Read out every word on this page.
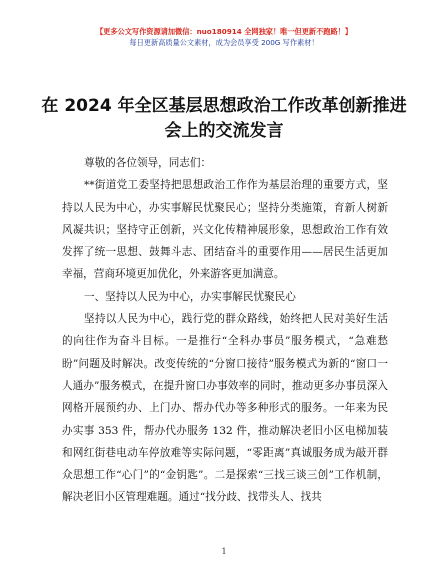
【更多公文写作资源请加微信：nuo180914 全网独家！唯一但更新不跑路！】
每日更新高质量公文素材，成为会员享受 200G 写作素材！
在 2024 年全区基层思想政治工作改革创新推进会上的交流发言

尊敬的各位领导，同志们：

**街道党工委坚持把思想政治工作作为基层治理的重要方式，坚持以人民为中心，办实事解民忧聚民心；坚持分类施策，育新人树新风凝共识；坚持守正创新，兴文化传精神展形象，思想政治工作有效发挥了统一思想、鼓舞斗志、团结奋斗的重要作用——居民生活更加幸福，营商环境更加优化，外来游客更加满意。

一、坚持以人民为中心，办实事解民忧聚民心

坚持以人民为中心，践行党的群众路线，始终把人民对美好生活的向往作为奋斗目标。一是推行“全科办事员”服务模式，“急难愁盼”问题及时解决。改变传统的“分窗口接待”服务模式为新的“窗口一人通办”服务模式，在提升窗口办事效率的同时，推动更多办事员深入网格开展预约办、上门办、帮办代办等多种形式的服务。一年来为民办实事 353 件，帮办代办服务 132 件，推动解决老旧小区电梯加装和网红街巷电动车停放难等实际问题，“零距离”真诚服务成为敲开群众思想工作“心门”的“金钥匙”。二是探索“三找三谈三创”工作机制，解决老旧小区管理难题。通过“找分歧、找带头人、找共

1
